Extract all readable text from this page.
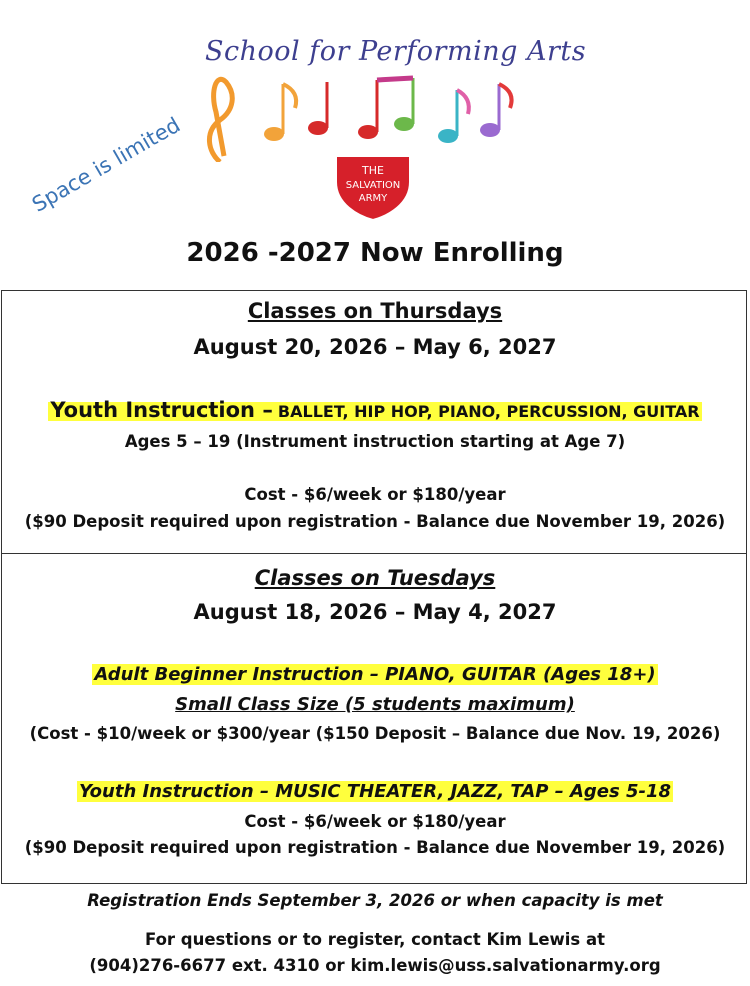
School for Performing Arts
THE
SALVATION
ARMY
Space is limited
2026 -2027 Now Enrolling
Classes on Thursdays
August 20, 2026 – May 6, 2027
Youth Instruction – BALLET, HIP HOP, PIANO, PERCUSSION, GUITAR
Ages 5 – 19 (Instrument instruction starting at Age 7)
Cost - $6/week or $180/year
($90 Deposit required upon registration - Balance due November 19, 2026)
Classes on Tuesdays
August 18, 2026 – May 4, 2027
Adult Beginner Instruction – PIANO, GUITAR (Ages 18+)
Small Class Size (5 students maximum)
(Cost - $10/week or $300/year ($150 Deposit – Balance due Nov. 19, 2026)
Youth Instruction – MUSIC THEATER, JAZZ, TAP – Ages 5-18
Cost - $6/week or $180/year
($90 Deposit required upon registration - Balance due November 19, 2026)
Registration Ends September 3, 2026 or when capacity is met
For questions or to register, contact Kim Lewis at
(904)276-6677 ext. 4310 or kim.lewis@uss.salvationarmy.org
